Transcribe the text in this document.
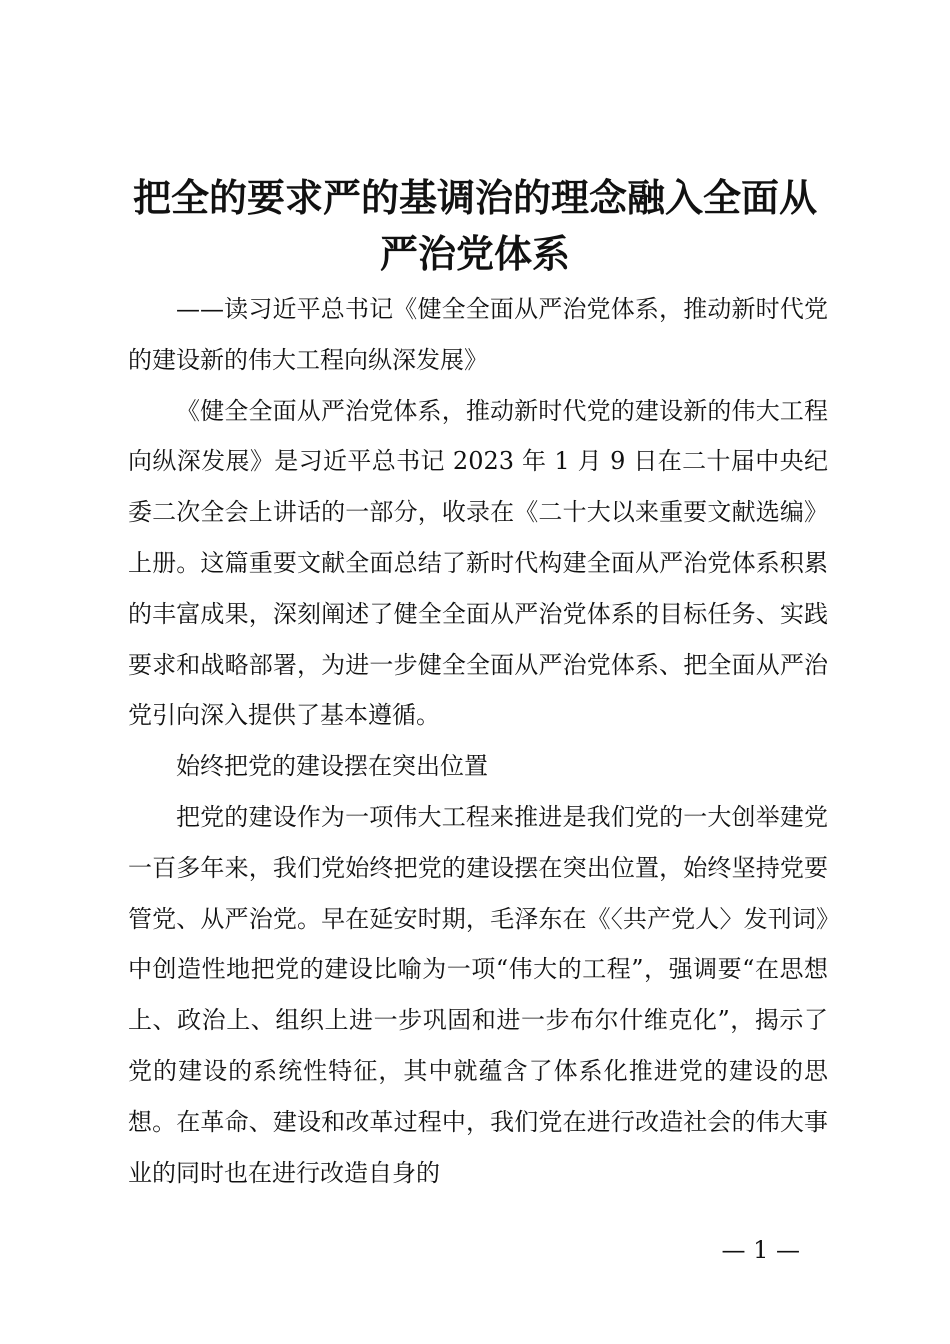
把全的要求严的基调治的理念融入全面从严治党体系

——读习近平总书记《健全全面从严治党体系，推动新时代党的建设新的伟大工程向纵深发展》

《健全全面从严治党体系，推动新时代党的建设新的伟大工程向纵深发展》是习近平总书记 2023 年 1 月 9 日在二十届中央纪委二次全会上讲话的一部分，收录在《二十大以来重要文献选编》上册。这篇重要文献全面总结了新时代构建全面从严治党体系积累的丰富成果，深刻阐述了健全全面从严治党体系的目标任务、实践要求和战略部署，为进一步健全全面从严治党体系、把全面从严治党引向深入提供了基本遵循。

始终把党的建设摆在突出位置

把党的建设作为一项伟大工程来推进是我们党的一大创举建党一百多年来，我们党始终把党的建设摆在突出位置，始终坚持党要管党、从严治党。早在延安时期，毛泽东在《〈共产党人〉发刊词》中创造性地把党的建设比喻为一项“伟大的工程”，强调要“在思想上、政治上、组织上进一步巩固和进一步布尔什维克化”，揭示了党的建设的系统性特征，其中就蕴含了体系化推进党的建设的思想。在革命、建设和改革过程中，我们党在进行改造社会的伟大事业的同时也在进行改造自身的

— 1 —
